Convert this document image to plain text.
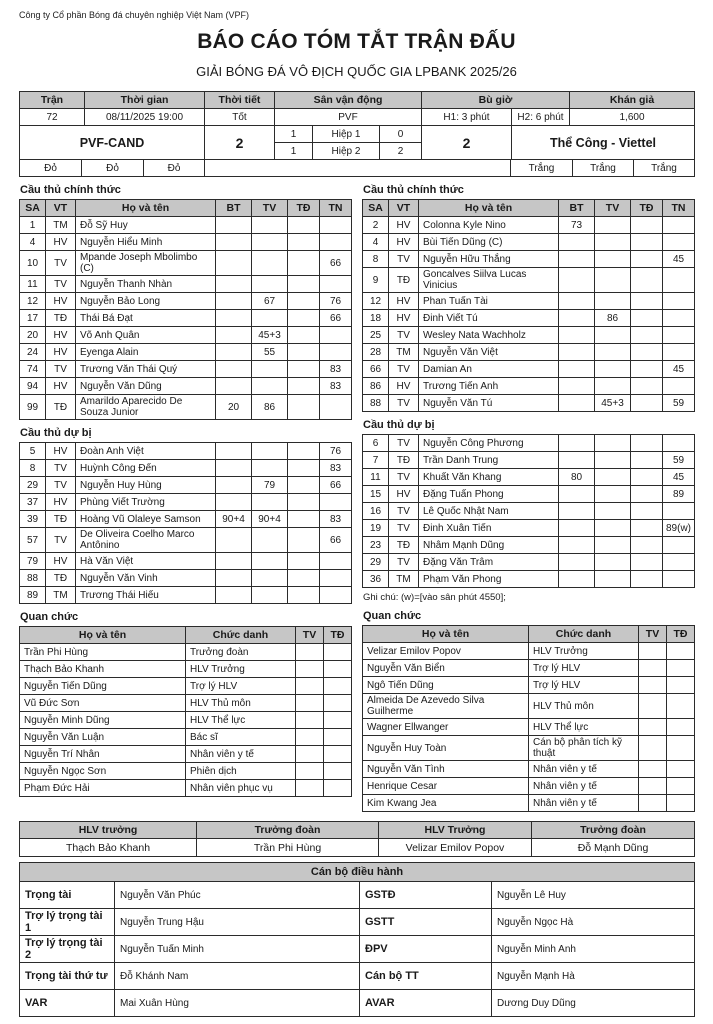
Công ty Cổ phần Bóng đá chuyên nghiệp Việt Nam (VPF)
BÁO CÁO TÓM TẮT TRẬN ĐẤU
GIẢI BÓNG ĐÁ VÔ ĐỊCH QUỐC GIA LPBANK 2025/26
Trận	Thời gian	Thời tiết	Sân vận động			Bù giờ		Khán giả
72	08/11/2025 19:00	Tốt	PVF			H1: 3 phút	H2: 6 phút	1,600
PVF-CAND		2	1	Hiệp 1	0	2	Thể Công - Viettel	
			1	Hiệp 2	2			
Đỏ	Đỏ	Đỏ		Trắng	Trắng	Trắng
Cầu thủ chính thức
SA	VT	Họ và tên	BT	TV	TĐ	TN
1	TM	Đỗ Sỹ Huy				
4	HV	Nguyễn Hiểu Minh				
10	TV	Mpande Joseph Mbolimbo (C)				66
11	TV	Nguyễn Thanh Nhàn				
12	HV	Nguyễn Bảo Long		67		76
17	TĐ	Thái Bá Đạt				66
20	HV	Võ Anh Quân		45+3		
24	HV	Eyenga Alain		55		
74	TV	Trương Văn Thái Quý				83
94	HV	Nguyễn Văn Dũng				83
99	TĐ	Amarildo Aparecido De Souza Junior	20	86		
Cầu thủ dự bị
5	HV	Đoàn Anh Việt				76
8	TV	Huỳnh Công Đến				83
29	TV	Nguyễn Huy Hùng		79		66
37	HV	Phùng Viết Trường				
39	TĐ	Hoàng Vũ Olaleye Samson	90+4	90+4		83
57	TV	De Oliveira Coelho Marco Antônino				66
79	HV	Hà Văn Việt				
88	TĐ	Nguyễn Văn Vinh				
89	TM	Trương Thái Hiếu				
Quan chức
Họ và tên	Chức danh	TV	TĐ
Trần Phi Hùng	Trưởng đoàn		
Thạch Bảo Khanh	HLV Trưởng		
Nguyễn Tiến Dũng	Trợ lý HLV		
Vũ Đức Sơn	HLV Thủ môn		
Nguyễn Minh Dũng	HLV Thể lực		
Nguyễn Văn Luận	Bác sĩ		
Nguyễn Trí Nhân	Nhân viên y tế		
Nguyễn Ngọc Sơn	Phiên dịch		
Phạm Đức Hải	Nhân viên phục vụ		
Cầu thủ chính thức
SA	VT	Họ và tên	BT	TV	TĐ	TN
2	HV	Colonna Kyle Nino	73			
4	HV	Bùi Tiến Dũng (C)				
8	TV	Nguyễn Hữu Thắng				45
9	TĐ	Goncalves Siilva Lucas Vinicius				
12	HV	Phan Tuấn Tài				
18	HV	Đinh Viết Tú		86		
25	TV	Wesley Nata Wachholz				
28	TM	Nguyễn Văn Việt				
66	TV	Damian An				45
86	HV	Trương Tiến Anh				
88	TV	Nguyễn Văn Tú		45+3		59
Cầu thủ dự bị
6	TV	Nguyễn Công Phương				
7	TĐ	Trần Danh Trung				59
11	TV	Khuất Văn Khang	80			45
15	HV	Đặng Tuấn Phong				89
16	TV	Lê Quốc Nhật Nam				
19	TV	Đinh Xuân Tiến				89(w)
23	TĐ	Nhâm Mạnh Dũng				
29	TV	Đặng Văn Trâm				
36	TM	Phạm Văn Phong				
Ghi chú: (w)=[vào sân phút 4550];
Quan chức
Họ và tên	Chức danh	TV	TĐ
Velizar Emilov Popov	HLV Trưởng		
Nguyễn Văn Biển	Trợ lý HLV		
Ngô Tiến Dũng	Trợ lý HLV		
Almeida De Azevedo Silva Guilherme	HLV Thủ môn		
Wagner Ellwanger	HLV Thể lực		
Nguyễn Huy Toàn	Cán bộ phân tích kỹ thuật		
Nguyễn Văn Tình	Nhân viên y tế		
Henrique Cesar	Nhân viên y tế		
Kim Kwang Jea	Nhân viên y tế		
HLV trưởng	Trưởng đoàn	HLV Trưởng	Trưởng đoàn
Thạch Bảo Khanh	Trần Phi Hùng	Velizar Emilov Popov	Đỗ Mạnh Dũng
Cán bộ điều hành			
Trọng tài	Nguyễn Văn Phúc	GSTĐ	Nguyễn Lê Huy
Trợ lý trọng tài 1	Nguyễn Trung Hậu	GSTT	Nguyễn Ngọc Hà
Trợ lý trọng tài 2	Nguyễn Tuấn Minh	ĐPV	Nguyễn Minh Anh
Trọng tài thứ tư	Đỗ Khánh Nam	Cán bộ TT	Nguyễn Mạnh Hà
VAR	Mai Xuân Hùng	AVAR	Dương Duy Dũng
